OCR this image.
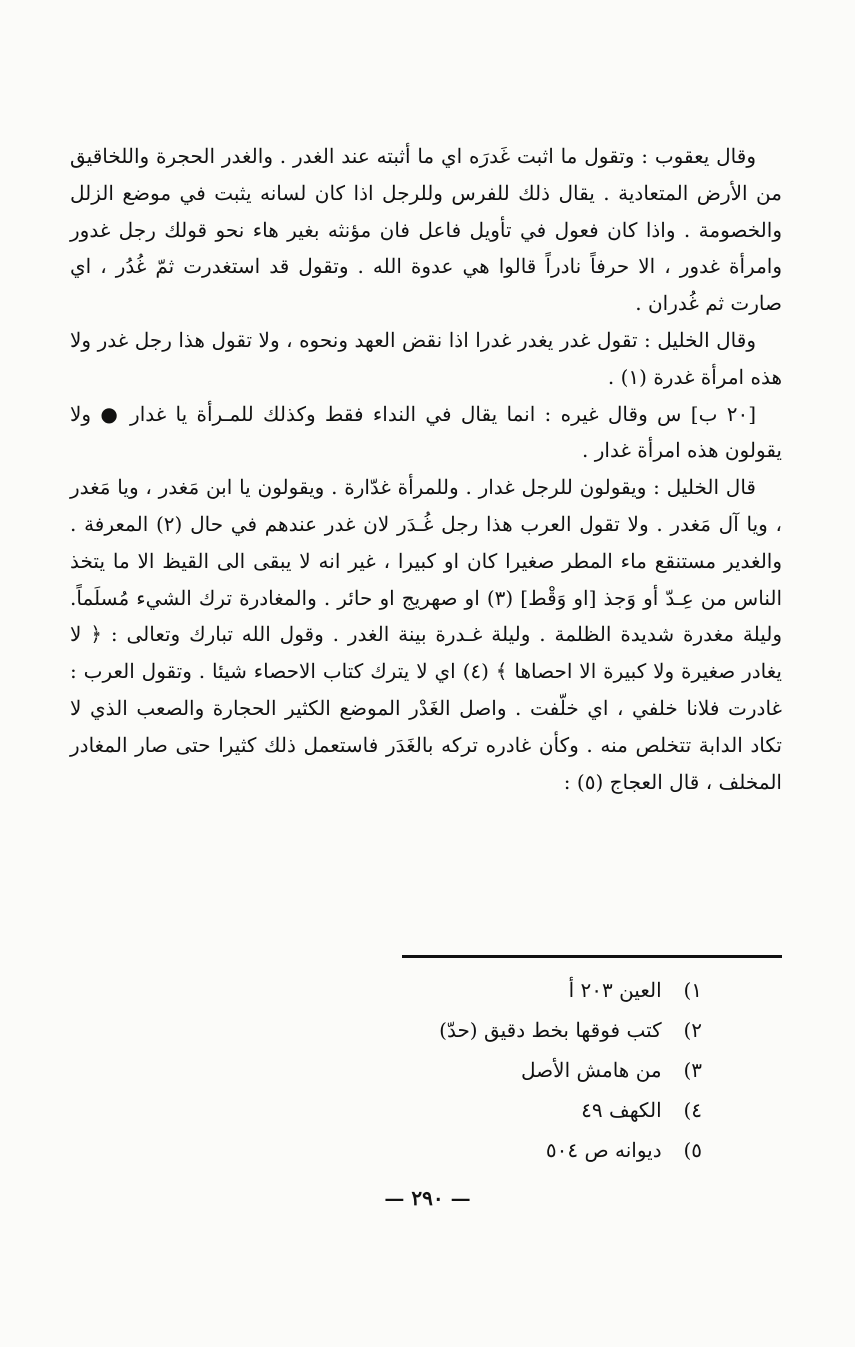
وقال يعقوب : وتقول ما اثبت غَدرَه اي ما أثبته عند الغدر . والغدر الحجرة واللخاقيق من الأرض المتعادية . يقال ذلك للفرس وللرجل اذا كان لسانه يثبت في موضع الزلل والخصومة . واذا كان فعول في تأويل فاعل فان مؤنثه بغير هاء نحو قولك رجل غدور وامرأة غدور ، الا حرفاً نادراً قالوا هي عدوة الله . وتقول قد استغدرت ثمّ غُدُر ، اي صارت ثم غُدران .

وقال الخليل : تقول غدر يغدر غدرا اذا نقض العهد ونحوه ، ولا تقول هذا رجل غدر ولا هذه امرأة غدرة (١) .

[٢٠ ب] س وقال غيره : انما يقال في النداء فقط وكذلك للمـرأة يا غدار ● ولا يقولون هذه امرأة غدار .

قال الخليل : ويقولون للرجل غدار . وللمرأة غدّارة . ويقولون يا ابن مَغدر ، ويا مَغدر ، ويا آل مَغدر . ولا تقول العرب هذا رجل غُـدَر لان غدر عندهم في حال (٢) المعرفة . والغدير مستنقع ماء المطر صغيرا كان او كبيرا ، غير انه لا يبقى الى القيظ الا ما يتخذ الناس من عِـدّ أو وَجذ [او وَقْط] (٣) او صهريج او حائر . والمغادرة ترك الشيء مُسلَماً. وليلة مغدرة شديدة الظلمة . وليلة غـدرة بينة الغدر . وقول الله تبارك وتعالى : ﴿ لا يغادر صغيرة ولا كبيرة الا احصاها ﴾ (٤) اي لا يترك كتاب الاحصاء شيئا . وتقول العرب : غادرت فلانا خلفي ، اي خلّفت . واصل الغَدْر الموضع الكثير الحجارة والصعب الذي لا تكاد الدابة تتخلص منه . وكأن غادره تركه بالغَدَر فاستعمل ذلك كثيرا حتى صار المغادر المخلف ، قال العجاج (٥) :

١) العين ٢٠٣ أ
٢) كتب فوقها بخط دقيق (حدّ)
٣) من هامش الأصل
٤) الكهف ٤٩
٥) ديوانه ص ٥٠٤
— ٢٩٠ —
